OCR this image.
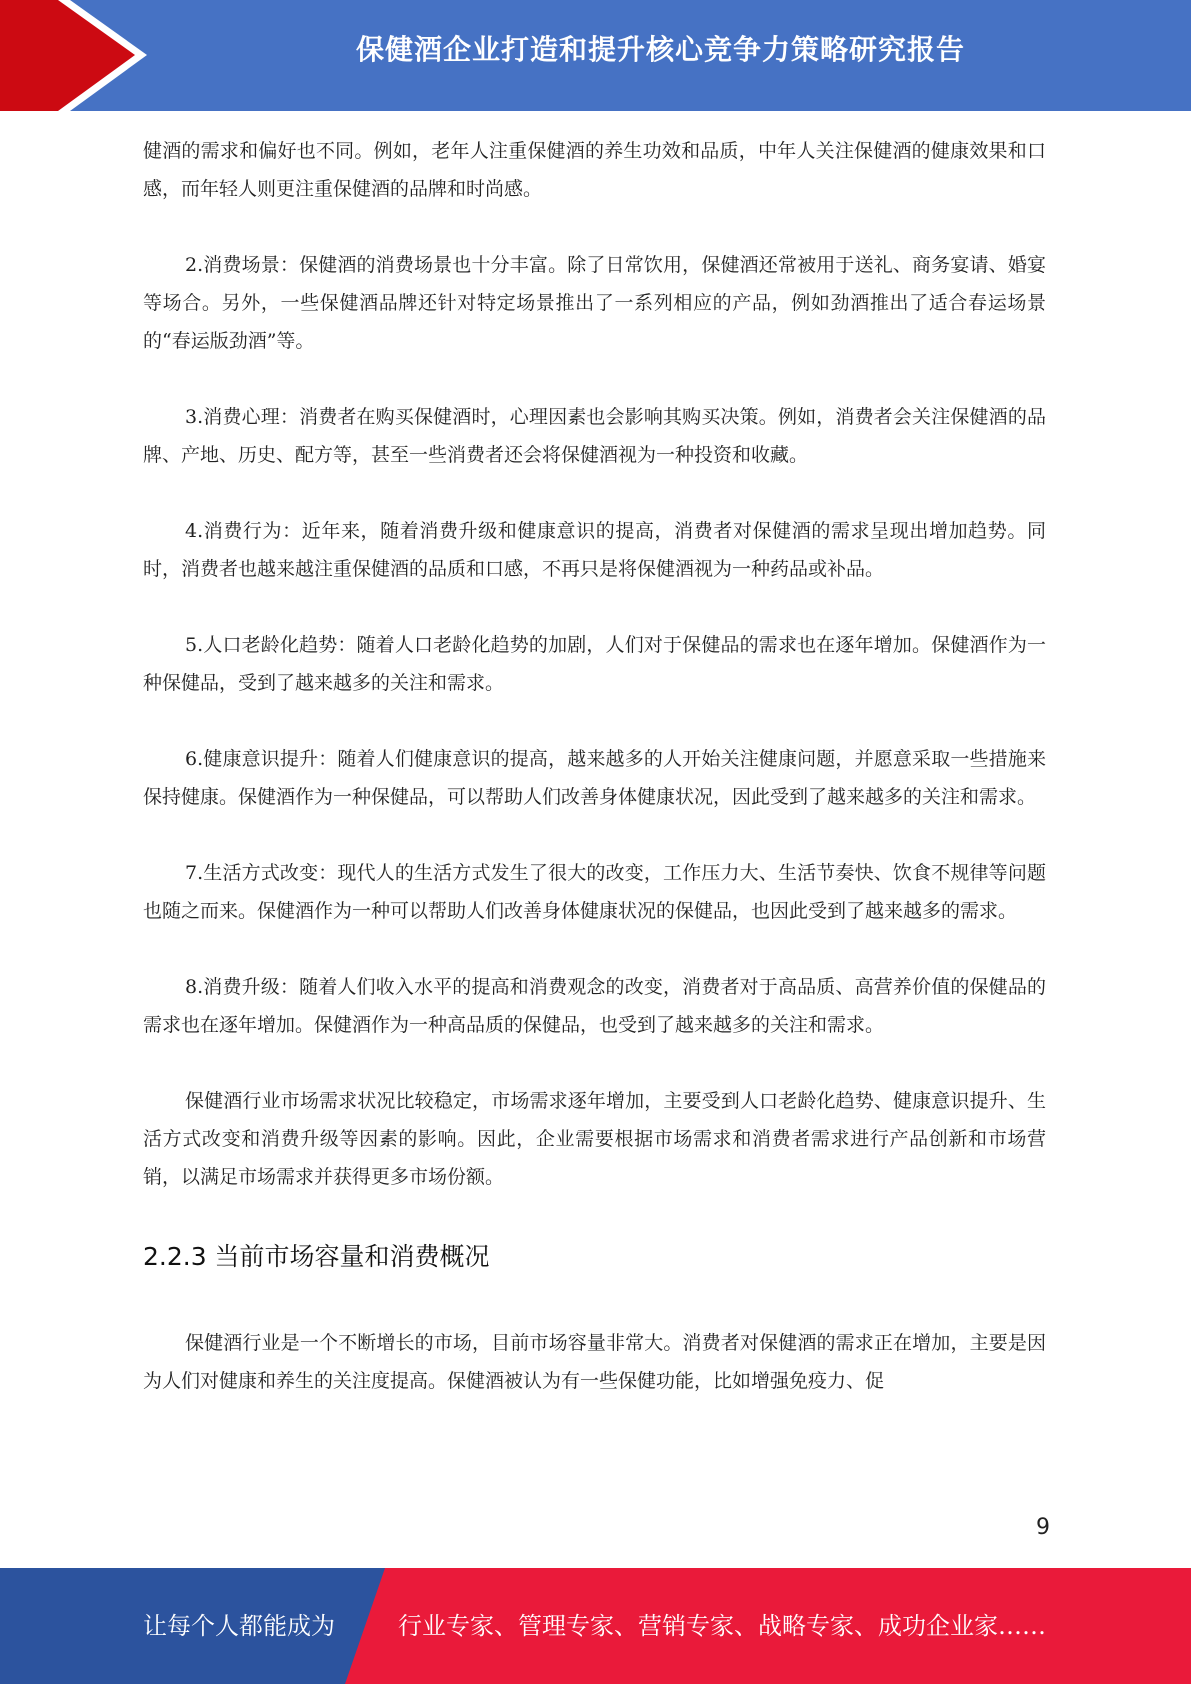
保健酒企业打造和提升核心竞争力策略研究报告

健酒的需求和偏好也不同。例如，老年人注重保健酒的养生功效和品质，中年人关注保健酒的健康效果和口感，而年轻人则更注重保健酒的品牌和时尚感。

2.消费场景：保健酒的消费场景也十分丰富。除了日常饮用，保健酒还常被用于送礼、商务宴请、婚宴等场合。另外，一些保健酒品牌还针对特定场景推出了一系列相应的产品，例如劲酒推出了适合春运场景的“春运版劲酒”等。

3.消费心理：消费者在购买保健酒时，心理因素也会影响其购买决策。例如，消费者会关注保健酒的品牌、产地、历史、配方等，甚至一些消费者还会将保健酒视为一种投资和收藏。

4.消费行为：近年来，随着消费升级和健康意识的提高，消费者对保健酒的需求呈现出增加趋势。同时，消费者也越来越注重保健酒的品质和口感，不再只是将保健酒视为一种药品或补品。

5.人口老龄化趋势：随着人口老龄化趋势的加剧，人们对于保健品的需求也在逐年增加。保健酒作为一种保健品，受到了越来越多的关注和需求。

6.健康意识提升：随着人们健康意识的提高，越来越多的人开始关注健康问题，并愿意采取一些措施来保持健康。保健酒作为一种保健品，可以帮助人们改善身体健康状况，因此受到了越来越多的关注和需求。

7.生活方式改变：现代人的生活方式发生了很大的改变，工作压力大、生活节奏快、饮食不规律等问题也随之而来。保健酒作为一种可以帮助人们改善身体健康状况的保健品，也因此受到了越来越多的需求。

8.消费升级：随着人们收入水平的提高和消费观念的改变，消费者对于高品质、高营养价值的保健品的需求也在逐年增加。保健酒作为一种高品质的保健品，也受到了越来越多的关注和需求。

保健酒行业市场需求状况比较稳定，市场需求逐年增加，主要受到人口老龄化趋势、健康意识提升、生活方式改变和消费升级等因素的影响。因此，企业需要根据市场需求和消费者需求进行产品创新和市场营销，以满足市场需求并获得更多市场份额。

2.2.3 当前市场容量和消费概况

保健酒行业是一个不断增长的市场，目前市场容量非常大。消费者对保健酒的需求正在增加，主要是因为人们对健康和养生的关注度提高。保健酒被认为有一些保健功能，比如增强免疫力、促

9
让每个人都能成为	行业专家、管理专家、营销专家、战略专家、成功企业家……
